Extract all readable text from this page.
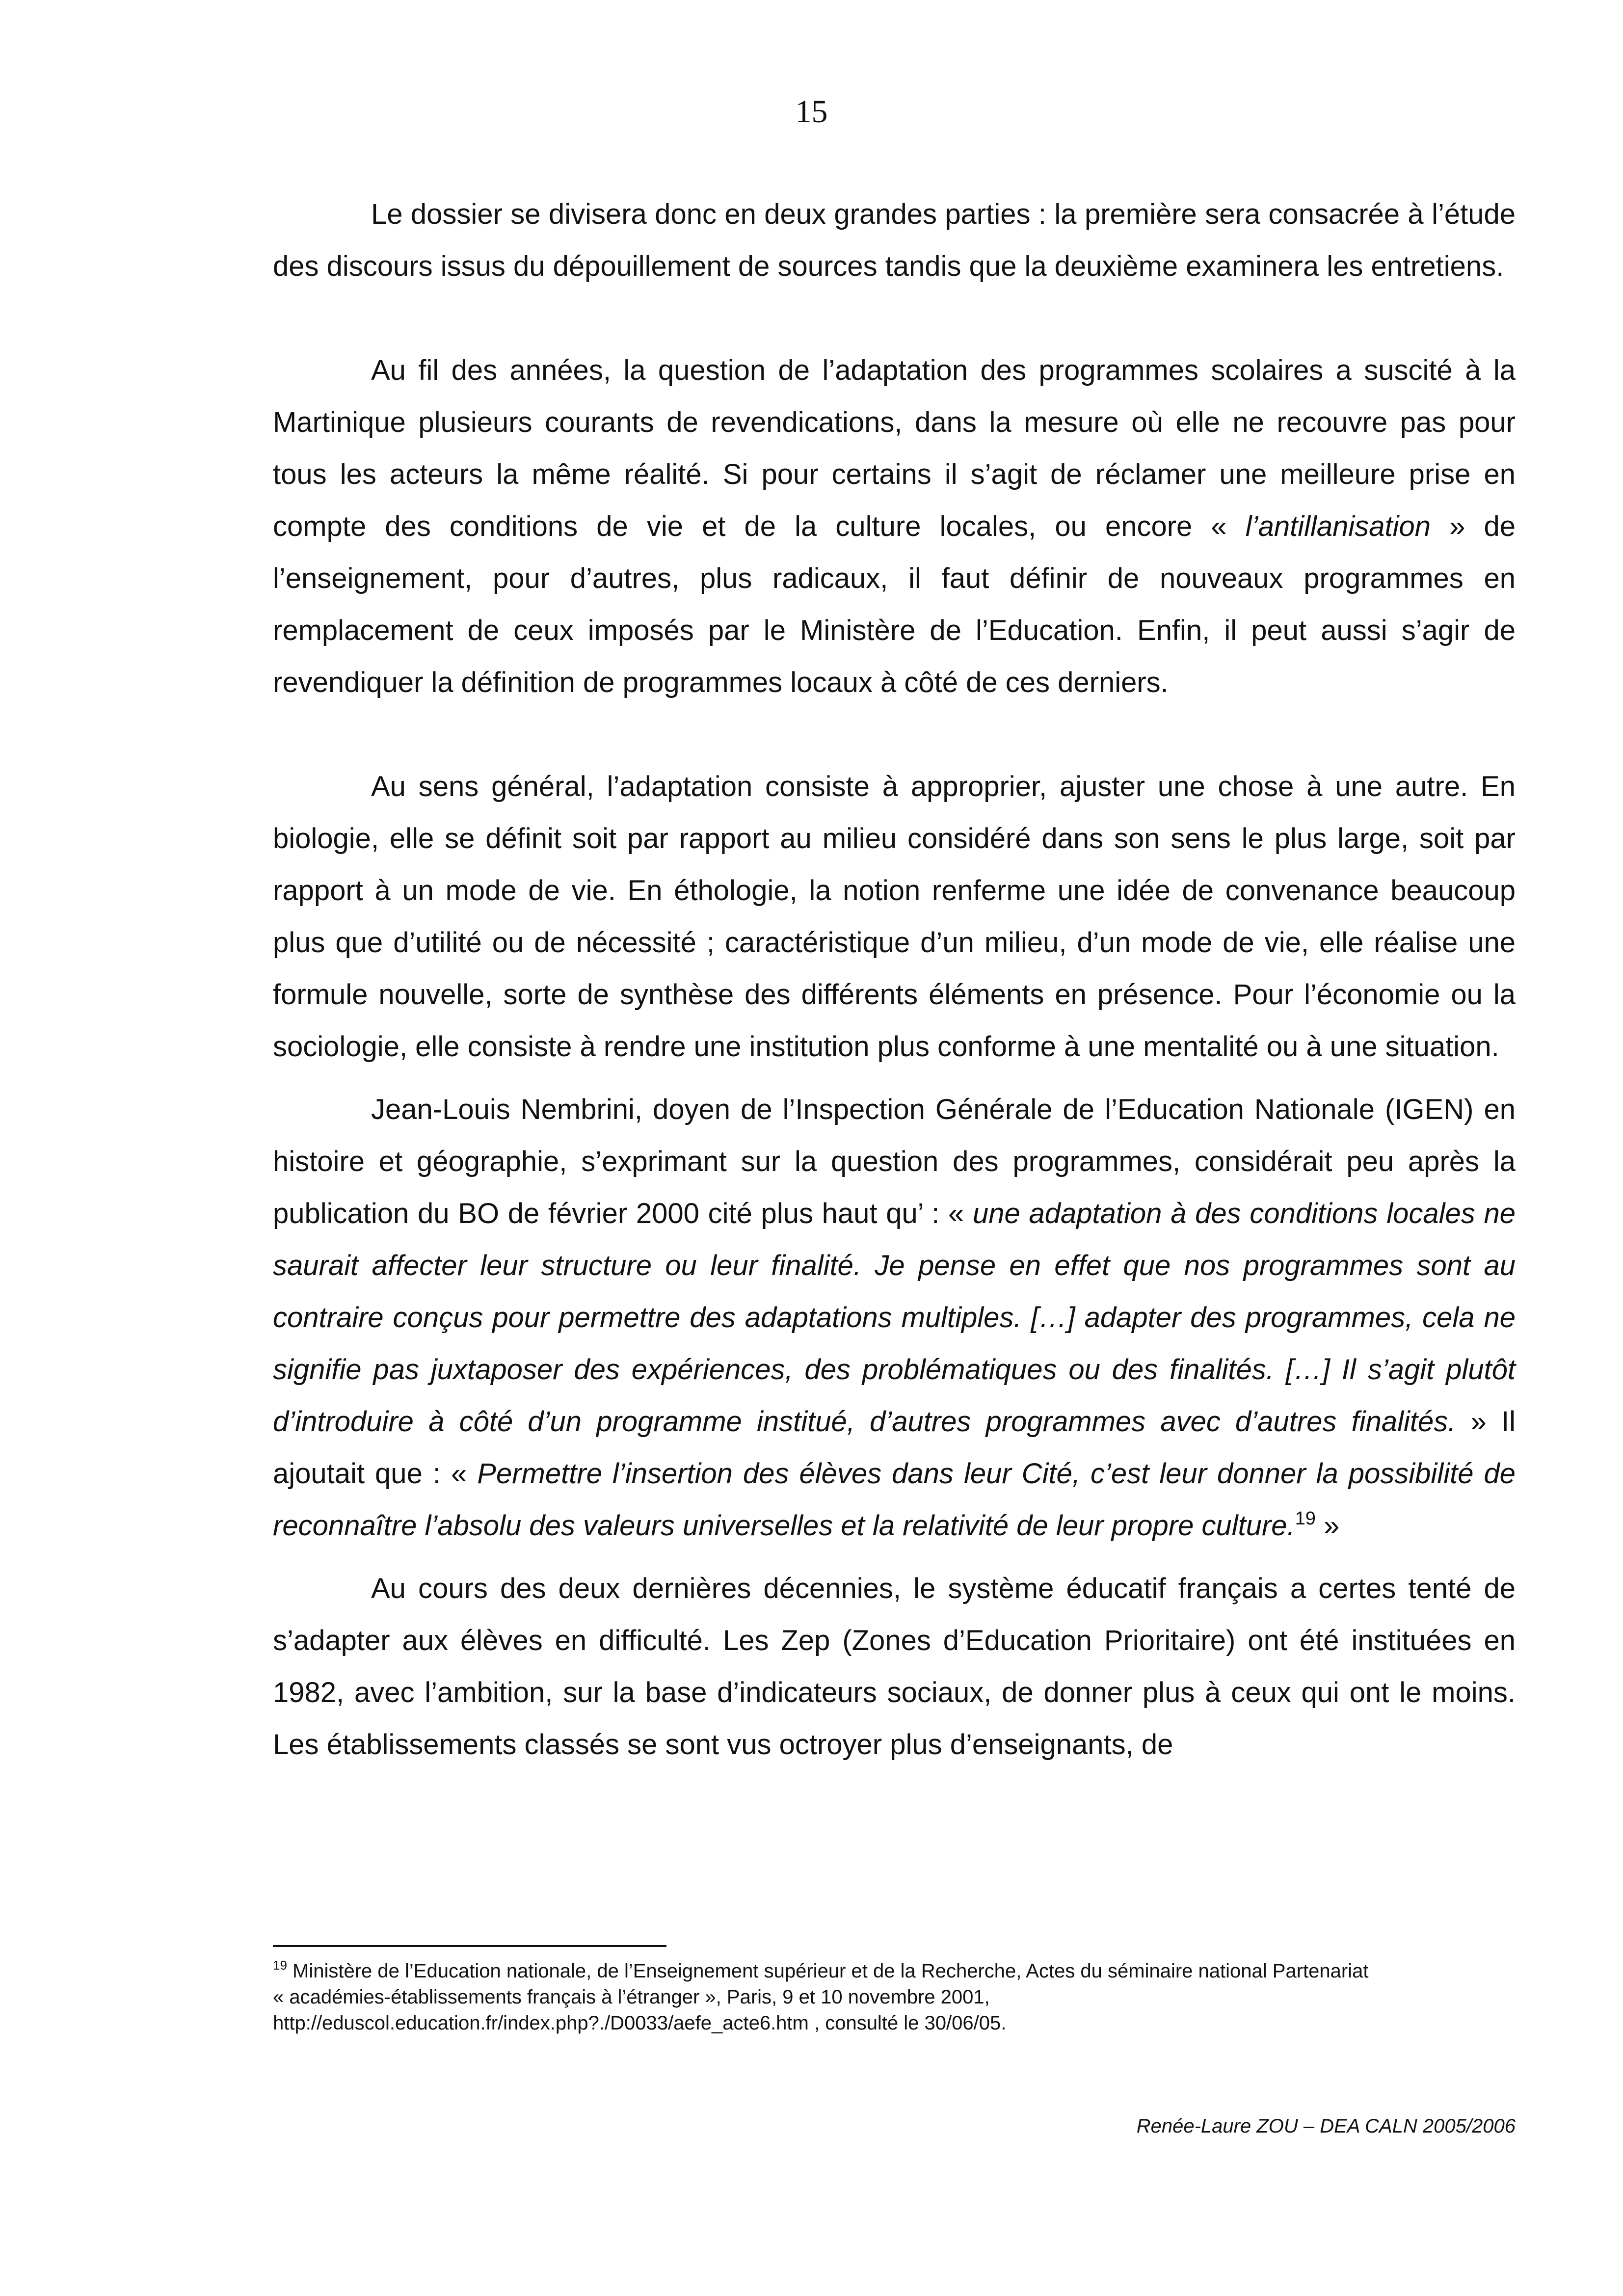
15

Le dossier se divisera donc en deux grandes parties : la première sera consacrée à l’étude des discours issus du dépouillement de sources tandis que la deuxième examinera les entretiens.

Au fil des années, la question de l’adaptation des programmes scolaires a suscité à la Martinique plusieurs courants de revendications, dans la mesure où elle ne recouvre pas pour tous les acteurs la même réalité. Si pour certains il s’agit de réclamer une meilleure prise en compte des conditions de vie et de la culture locales, ou encore « l’antillanisation » de l’enseignement, pour d’autres, plus radicaux, il faut définir de nouveaux programmes en remplacement de ceux imposés par le Ministère de l’Education. Enfin, il peut aussi s’agir de revendiquer la définition de programmes locaux à côté de ces derniers.

Au sens général, l’adaptation consiste à approprier, ajuster une chose à une autre. En biologie, elle se définit soit par rapport au milieu considéré dans son sens le plus large, soit par rapport à un mode de vie. En éthologie, la notion renferme une idée de convenance beaucoup plus que d’utilité ou de nécessité ; caractéristique d’un milieu, d’un mode de vie, elle réalise une formule nouvelle, sorte de synthèse des différents éléments en présence. Pour l’économie ou la sociologie, elle consiste à rendre une institution plus conforme à une mentalité ou à une situation.

Jean-Louis Nembrini, doyen de l’Inspection Générale de l’Education Nationale (IGEN) en histoire et géographie, s’exprimant sur la question des programmes, considérait peu après la publication du BO de février 2000 cité plus haut qu’ : « une adaptation à des conditions locales ne saurait affecter leur structure ou leur finalité. Je pense en effet que nos programmes sont au contraire conçus pour permettre des adaptations multiples. […] adapter des programmes, cela ne signifie pas juxtaposer des expériences, des problématiques ou des finalités. […] Il s’agit plutôt d’introduire à côté d’un programme institué, d’autres programmes avec d’autres finalités. » Il ajoutait que : « Permettre l’insertion des élèves dans leur Cité, c’est leur donner la possibilité de reconnaître l’absolu des valeurs universelles et la relativité de leur propre culture.$^{19}$ »

Au cours des deux dernières décennies, le système éducatif français a certes tenté de s’adapter aux élèves en difficulté. Les Zep (Zones d’Education Prioritaire) ont été instituées en 1982, avec l’ambition, sur la base d’indicateurs sociaux, de donner plus à ceux qui ont le moins. Les établissements classés se sont vus octroyer plus d’enseignants, de

$^{19}$ Ministère de l’Education nationale, de l’Enseignement supérieur et de la Recherche, Actes du séminaire national Partenariat

« académies-établissements français à l’étranger », Paris, 9 et 10 novembre 2001,

http://eduscol.education.fr/index.php?./D0033/aefe_acte6.htm , consulté le 30/06/05.

Renée-Laure ZOU – DEA CALN 2005/2006
